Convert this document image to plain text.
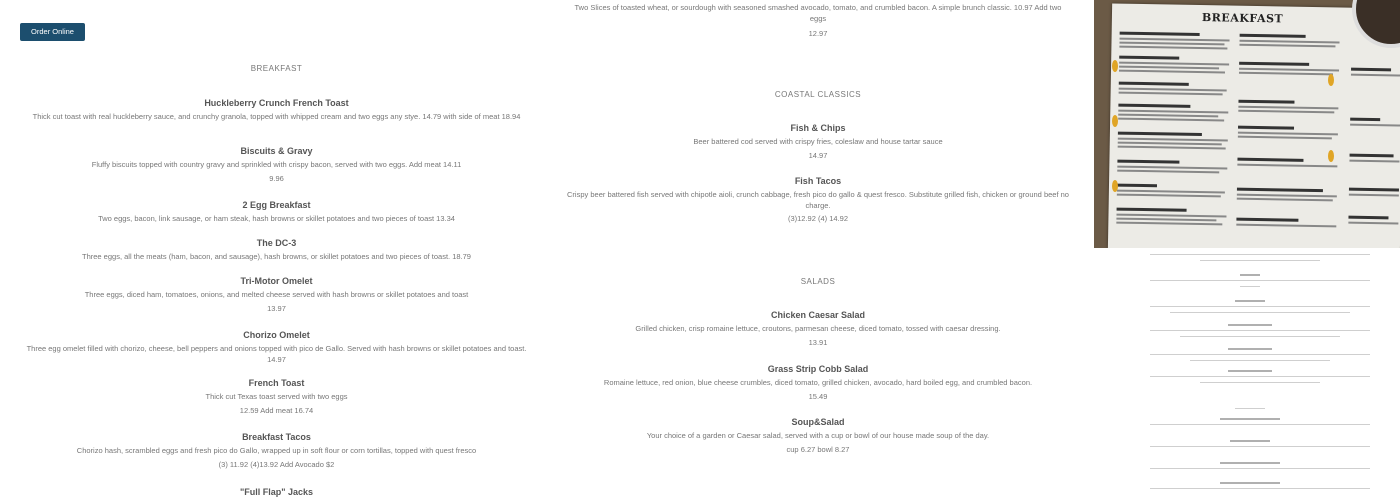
Order Online

Two Slices of toasted wheat, or sourdough with seasoned smashed avocado, tomato, and crumbled bacon. A simple brunch classic. 10.97 Add two eggs

12.97

COASTAL CLASSICS

Fish & Chips

Beer battered cod served with crispy fries, coleslaw and house tartar sauce

14.97

Fish Tacos

Crispy beer battered fish served with chipotle aioli, crunch cabbage, fresh pico do gallo & quest fresco. Substitute grilled fish, chicken or ground beef no charge.

(3)12.92 (4) 14.92

SALADS

Chicken Caesar Salad

Grilled chicken, crisp romaine lettuce, croutons, parmesan cheese, diced tomato, tossed with caesar dressing.

13.91

Grass Strip Cobb Salad

Romaine lettuce, red onion, blue cheese crumbles, diced tomato, grilled chicken, avocado, hard boiled egg, and crumbled bacon.

15.49

Soup&Salad

Your choice of a garden or Caesar salad, served with a cup or bowl of our house made soup of the day.

cup 6.27 bowl 8.27

BREAKFAST

Huckleberry Crunch French Toast

Thick cut toast with real huckleberry sauce, and crunchy granola, topped with whipped cream and two eggs any stye. 14.79 with side of meat 18.94

Biscuits & Gravy

Fluffy biscuits topped with country gravy and sprinkled with crispy bacon, served with two eggs. Add meat 14.11

9.96

2 Egg Breakfast

Two eggs, bacon, link sausage, or ham steak, hash browns or skillet potatoes and two pieces of toast 13.34

The DC-3

Three eggs, all the meats (ham, bacon, and sausage), hash browns, or skillet potatoes and two pieces of toast. 18.79

Tri-Motor Omelet

Three eggs, diced ham, tomatoes, onions, and melted cheese served with hash browns or skillet potatoes and toast

13.97

Chorizo Omelet

Three egg omelet filled with chorizo, cheese, bell peppers and onions topped with pico de Gallo. Served with hash browns or skillet potatoes and toast. 14.97

French Toast

Thick cut Texas toast served with two eggs

12.59 Add meat 16.74

Breakfast Tacos

Chorizo hash, scrambled eggs and fresh pico do Gallo, wrapped up in soft flour or corn tortillas, topped with quest fresco

(3) 11.92 (4)13.92 Add Avocado $2

"Full Flap" Jacks

BREAKFAST
